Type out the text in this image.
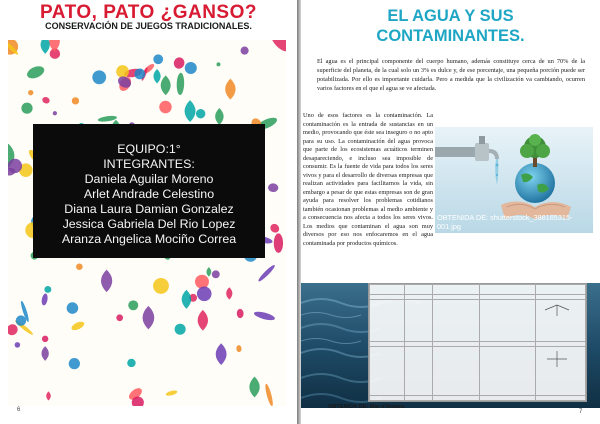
PATO, PATO ¿GANSO?
CONSERVACIÓN DE JUEGOS TRADICIONALES.
EQUIPO:1°
INTEGRANTES:
Daniela Aguilar Moreno
Arlet Andrade Celestino
Diana Laura Damian Gonzalez
Jessica Gabriela Del Rio Lopez
Aranza Angelica Mociño Correa
6
EL AGUA Y SUS
CONTAMINANTES.

El agua es el principal componente del cuerpo humano, además constituye cerca de un 70% de la superficie del planeta, de la cual solo un 3% es dulce y, de ese porcentaje, una pequeña porción puede ser potabilizada. Por ello es importante cuidarla. Pero a medida que la civilización va cambiando, ocurren varios factores en el que el agua se ve afectada.

Uno de esos factores es la contaminación. La contaminación es la entrada de sustancias en un medio, provocando que éste sea inseguro o no apto para su uso. La contaminación del agua provoca que parte de los ecosistemas acuáticos terminen desapareciendo, e incluso sea imposible de consumir. Es la fuente de vida para todos los seres vivos y para el desarrollo de diversas empresas que realizan actividades para facilitarnos la vida, sin embargo a pesar de que estas empresas son de gran ayuda para resolver los problemas cotidianos también ocasionan problemas al medio ambiente y a consecuencia nos afecta a todos los seres vivos. Los medios que contaminan el agua son muy diversos por eso nos enfocaremos en el agua contaminada por productos químicos.

OBTENIDA DE: shutterstock_388165315-001.jpg

OBTENIDA DE: Mar d'Amura.
7
